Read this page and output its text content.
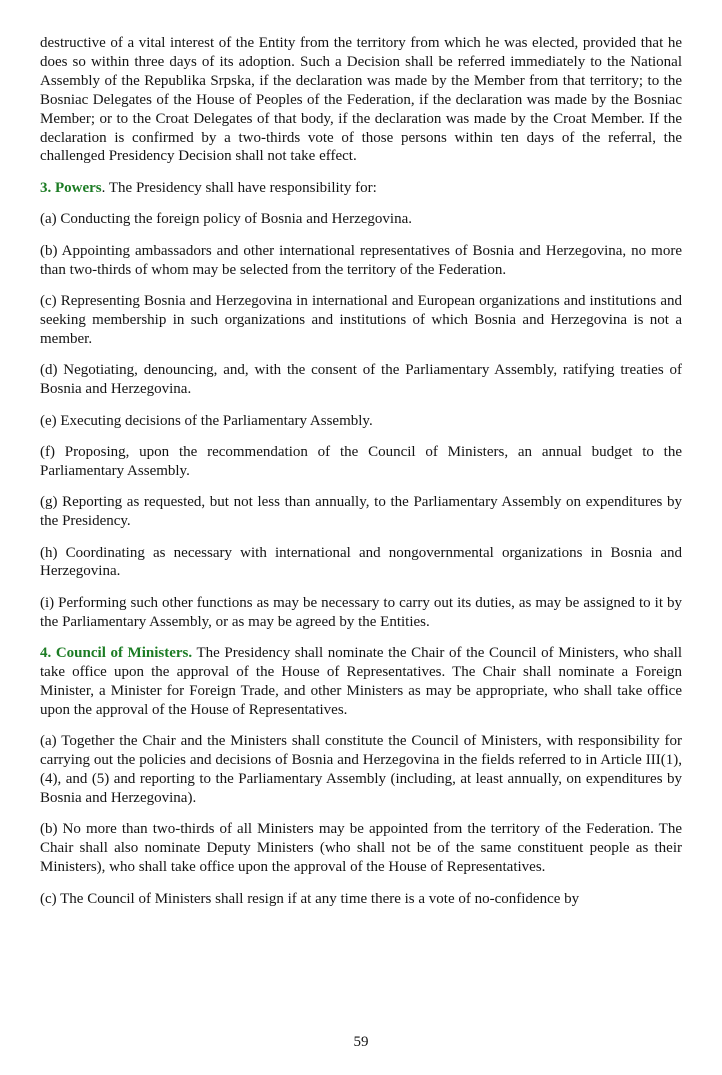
destructive of a vital interest of the Entity from the territory from which he was elected, provided that he does so within three days of its adoption. Such a Decision shall be referred immediately to the National Assembly of the Republika Srpska, if the declaration was made by the Member from that territory; to the Bosniac Delegates of the House of Peoples of the Federation, if the declaration was made by the Bosniac Member; or to the Croat Delegates of that body, if the declaration was made by the Croat Member. If the declaration is confirmed by a two-thirds vote of those persons within ten days of the referral, the challenged Presidency Decision shall not take effect.

3. Powers. The Presidency shall have responsibility for:

(a) Conducting the foreign policy of Bosnia and Herzegovina.

(b) Appointing ambassadors and other international representatives of Bosnia and Herzegovina, no more than two-thirds of whom may be selected from the territory of the Federation.

(c) Representing Bosnia and Herzegovina in international and European organizations and institutions and seeking membership in such organizations and institutions of which Bosnia and Herzegovina is not a member.

(d) Negotiating, denouncing, and, with the consent of the Parliamentary Assembly, ratifying treaties of Bosnia and Herzegovina.

(e) Executing decisions of the Parliamentary Assembly.

(f) Proposing, upon the recommendation of the Council of Ministers, an annual budget to the Parliamentary Assembly.

(g) Reporting as requested, but not less than annually, to the Parliamentary Assembly on expenditures by the Presidency.

(h) Coordinating as necessary with international and nongovernmental organizations in Bosnia and Herzegovina.

(i) Performing such other functions as may be necessary to carry out its duties, as may be assigned to it by the Parliamentary Assembly, or as may be agreed by the Entities.

4. Council of Ministers. The Presidency shall nominate the Chair of the Council of Ministers, who shall take office upon the approval of the House of Representatives. The Chair shall nominate a Foreign Minister, a Minister for Foreign Trade, and other Ministers as may be appropriate, who shall take office upon the approval of the House of Representatives.

(a) Together the Chair and the Ministers shall constitute the Council of Ministers, with responsibility for carrying out the policies and decisions of Bosnia and Herzegovina in the fields referred to in Article III(1), (4), and (5) and reporting to the Parliamentary Assembly (including, at least annually, on expenditures by Bosnia and Herzegovina).

(b) No more than two-thirds of all Ministers may be appointed from the territory of the Federation. The Chair shall also nominate Deputy Ministers (who shall not be of the same constituent people as their Ministers), who shall take office upon the approval of the House of Representatives.

(c) The Council of Ministers shall resign if at any time there is a vote of no-confidence by

59
